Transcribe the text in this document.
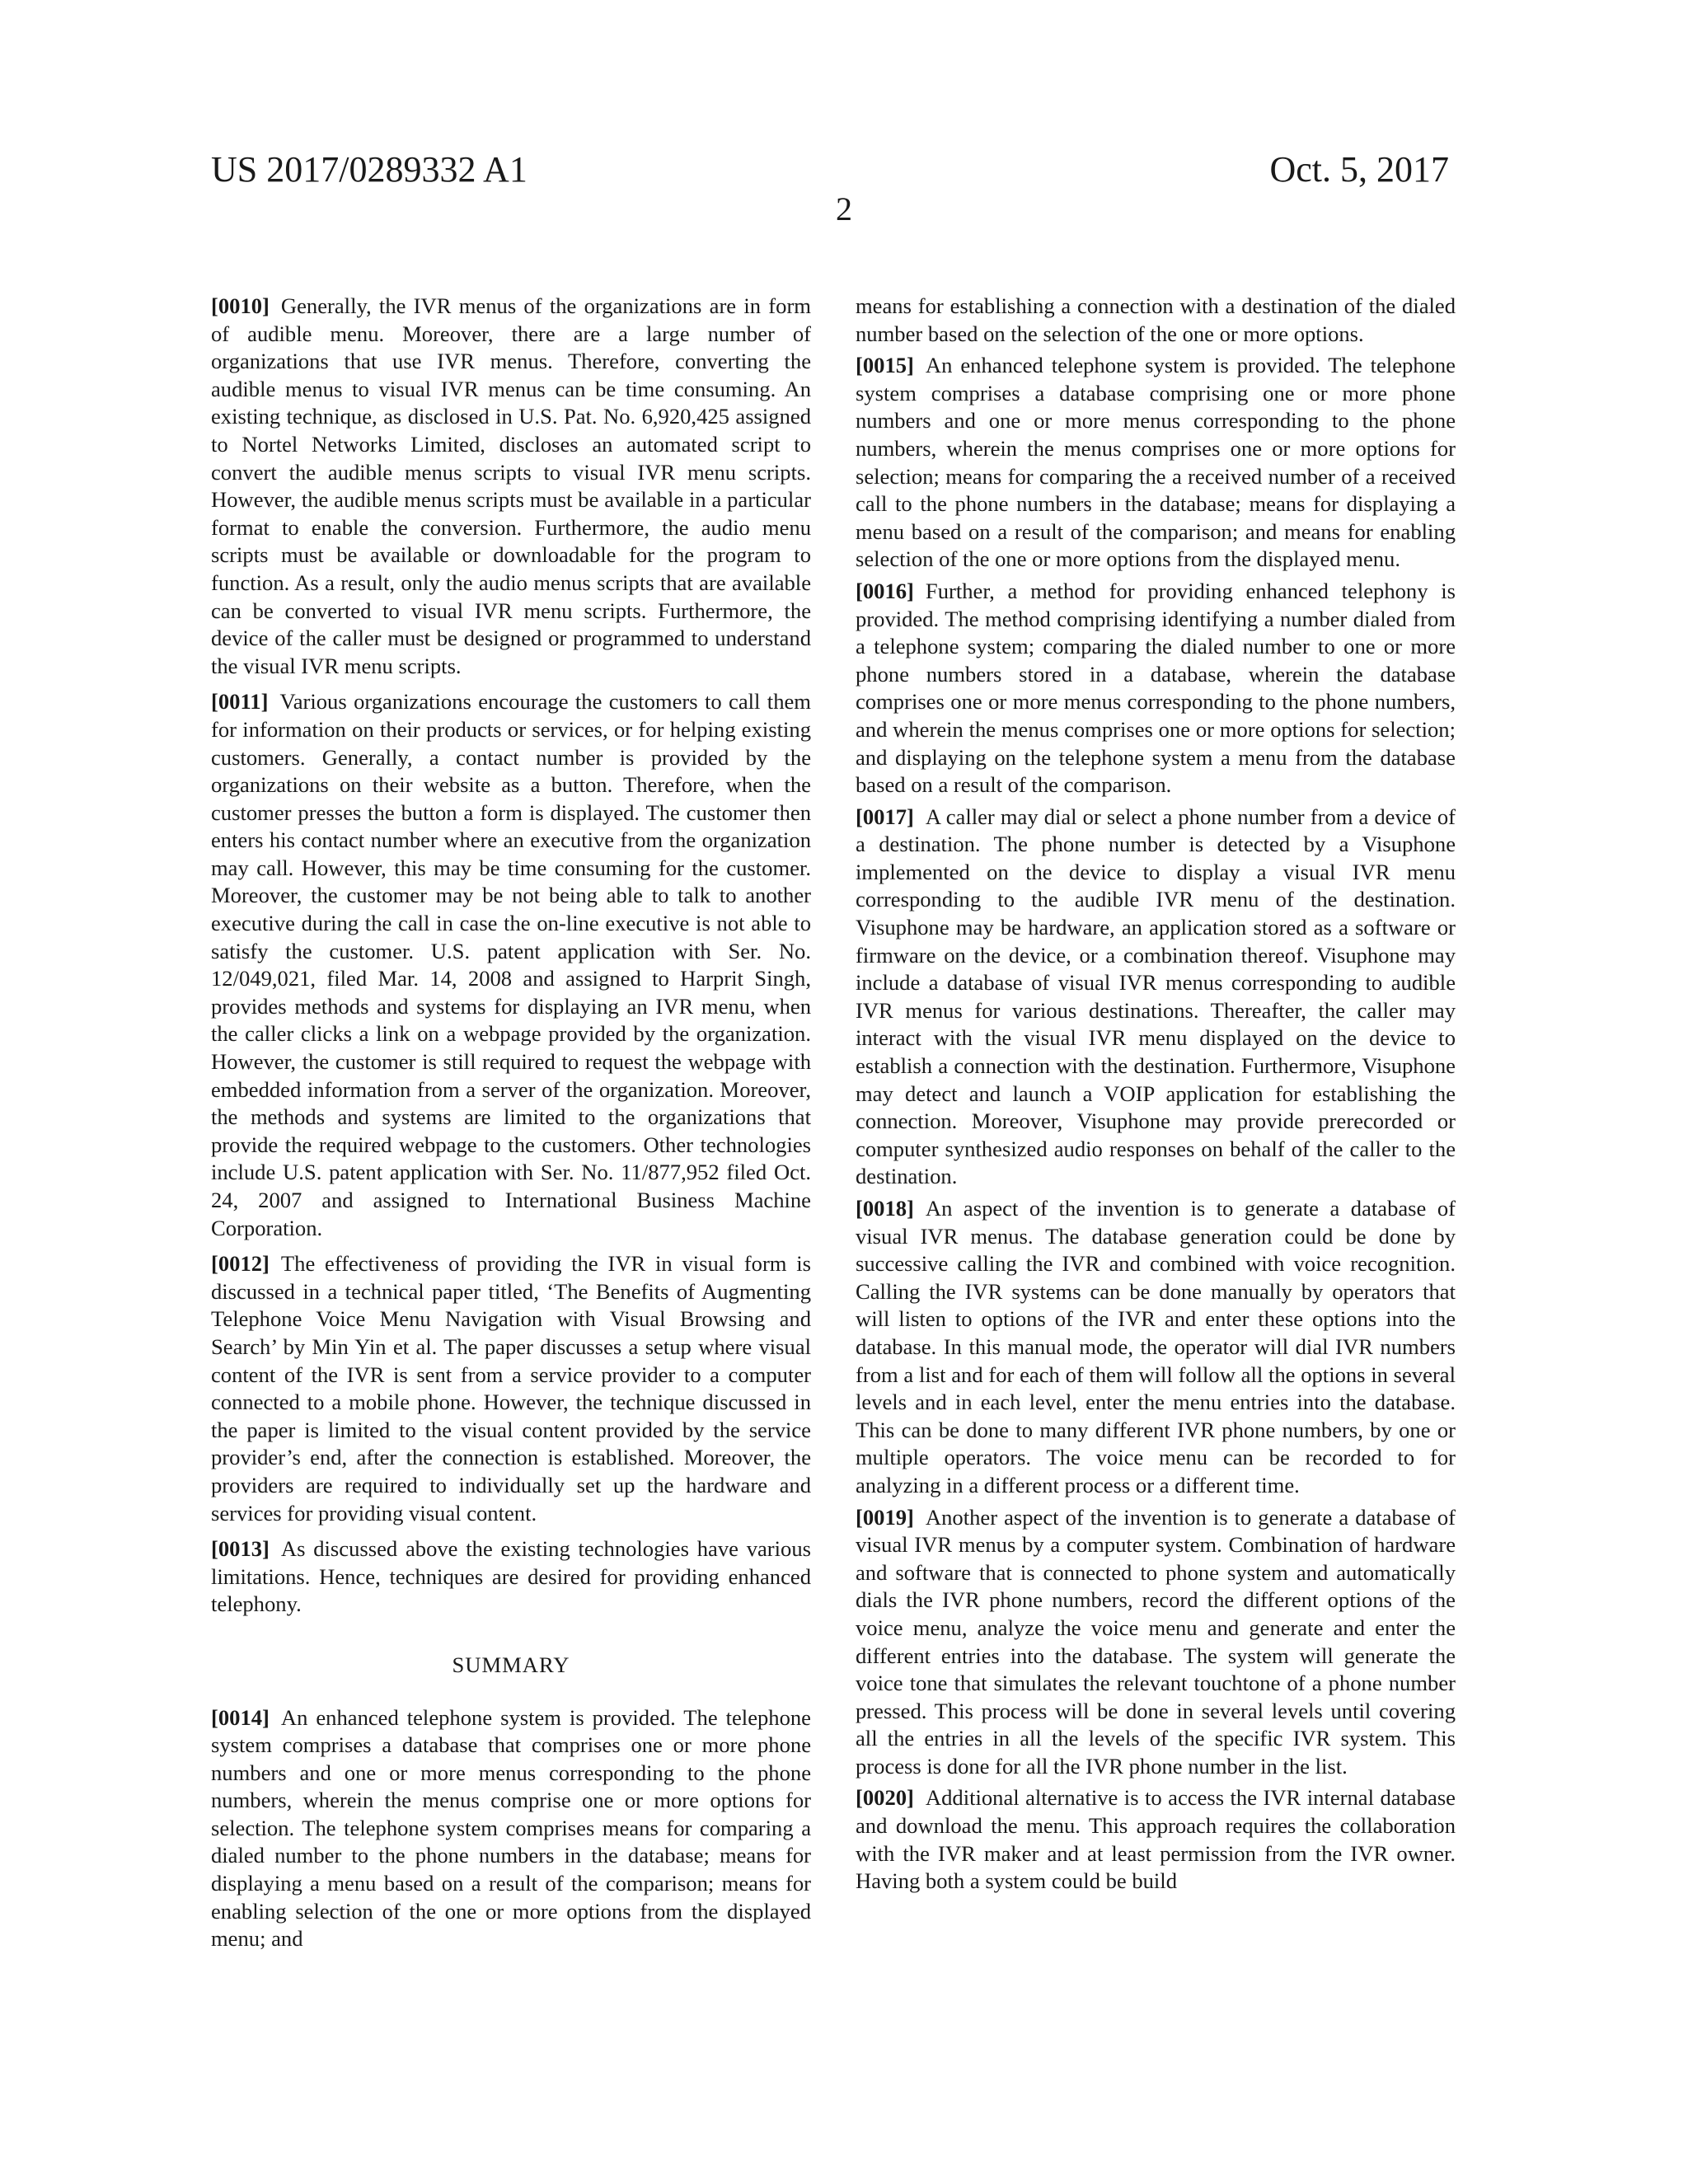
US 2017/0289332 A1	Oct. 5, 2017
2

[0010] Generally, the IVR menus of the organizations are in form of audible menu. Moreover, there are a large number of organizations that use IVR menus. Therefore, converting the audible menus to visual IVR menus can be time consuming. An existing technique, as disclosed in U.S. Pat. No. 6,920,425 assigned to Nortel Networks Limited, discloses an automated script to convert the audible menus scripts to visual IVR menu scripts. However, the audible menus scripts must be available in a particular format to enable the conversion. Furthermore, the audio menu scripts must be available or downloadable for the program to function. As a result, only the audio menus scripts that are available can be converted to visual IVR menu scripts. Furthermore, the device of the caller must be designed or programmed to understand the visual IVR menu scripts.

[0011] Various organizations encourage the customers to call them for information on their products or services, or for helping existing customers. Generally, a contact number is provided by the organizations on their website as a button. Therefore, when the customer presses the button a form is displayed. The customer then enters his contact number where an executive from the organization may call. However, this may be time consuming for the customer. Moreover, the customer may be not being able to talk to another executive during the call in case the on-line executive is not able to satisfy the customer. U.S. patent application with Ser. No. 12/049,021, filed Mar. 14, 2008 and assigned to Harprit Singh, provides methods and systems for displaying an IVR menu, when the caller clicks a link on a webpage provided by the organization. However, the customer is still required to request the webpage with embedded information from a server of the organization. Moreover, the methods and systems are limited to the organizations that provide the required webpage to the customers. Other technologies include U.S. patent application with Ser. No. 11/877,952 filed Oct. 24, 2007 and assigned to International Business Machine Corporation.

[0012] The effectiveness of providing the IVR in visual form is discussed in a technical paper titled, ‘The Benefits of Augmenting Telephone Voice Menu Navigation with Visual Browsing and Search’ by Min Yin et al. The paper discusses a setup where visual content of the IVR is sent from a service provider to a computer connected to a mobile phone. However, the technique discussed in the paper is limited to the visual content provided by the service provider’s end, after the connection is established. Moreover, the providers are required to individually set up the hardware and services for providing visual content.

[0013] As discussed above the existing technologies have various limitations. Hence, techniques are desired for providing enhanced telephony.

SUMMARY

[0014] An enhanced telephone system is provided. The telephone system comprises a database that comprises one or more phone numbers and one or more menus corresponding to the phone numbers, wherein the menus comprise one or more options for selection. The telephone system comprises means for comparing a dialed number to the phone numbers in the database; means for displaying a menu based on a result of the comparison; means for enabling selection of the one or more options from the displayed menu; and

means for establishing a connection with a destination of the dialed number based on the selection of the one or more options.

[0015] An enhanced telephone system is provided. The telephone system comprises a database comprising one or more phone numbers and one or more menus corresponding to the phone numbers, wherein the menus comprises one or more options for selection; means for comparing the a received number of a received call to the phone numbers in the database; means for displaying a menu based on a result of the comparison; and means for enabling selection of the one or more options from the displayed menu.

[0016] Further, a method for providing enhanced telephony is provided. The method comprising identifying a number dialed from a telephone system; comparing the dialed number to one or more phone numbers stored in a database, wherein the database comprises one or more menus corresponding to the phone numbers, and wherein the menus comprises one or more options for selection; and displaying on the telephone system a menu from the database based on a result of the comparison.

[0017] A caller may dial or select a phone number from a device of a destination. The phone number is detected by a Visuphone implemented on the device to display a visual IVR menu corresponding to the audible IVR menu of the destination. Visuphone may be hardware, an application stored as a software or firmware on the device, or a combination thereof. Visuphone may include a database of visual IVR menus corresponding to audible IVR menus for various destinations. Thereafter, the caller may interact with the visual IVR menu displayed on the device to establish a connection with the destination. Furthermore, Visuphone may detect and launch a VOIP application for establishing the connection. Moreover, Visuphone may provide prerecorded or computer synthesized audio responses on behalf of the caller to the destination.

[0018] An aspect of the invention is to generate a database of visual IVR menus. The database generation could be done by successive calling the IVR and combined with voice recognition. Calling the IVR systems can be done manually by operators that will listen to options of the IVR and enter these options into the database. In this manual mode, the operator will dial IVR numbers from a list and for each of them will follow all the options in several levels and in each level, enter the menu entries into the database. This can be done to many different IVR phone numbers, by one or multiple operators. The voice menu can be recorded to for analyzing in a different process or a different time.

[0019] Another aspect of the invention is to generate a database of visual IVR menus by a computer system. Combination of hardware and software that is connected to phone system and automatically dials the IVR phone numbers, record the different options of the voice menu, analyze the voice menu and generate and enter the different entries into the database. The system will generate the voice tone that simulates the relevant touchtone of a phone number pressed. This process will be done in several levels until covering all the entries in all the levels of the specific IVR system. This process is done for all the IVR phone number in the list.

[0020] Additional alternative is to access the IVR internal database and download the menu. This approach requires the collaboration with the IVR maker and at least permission from the IVR owner. Having both a system could be build
